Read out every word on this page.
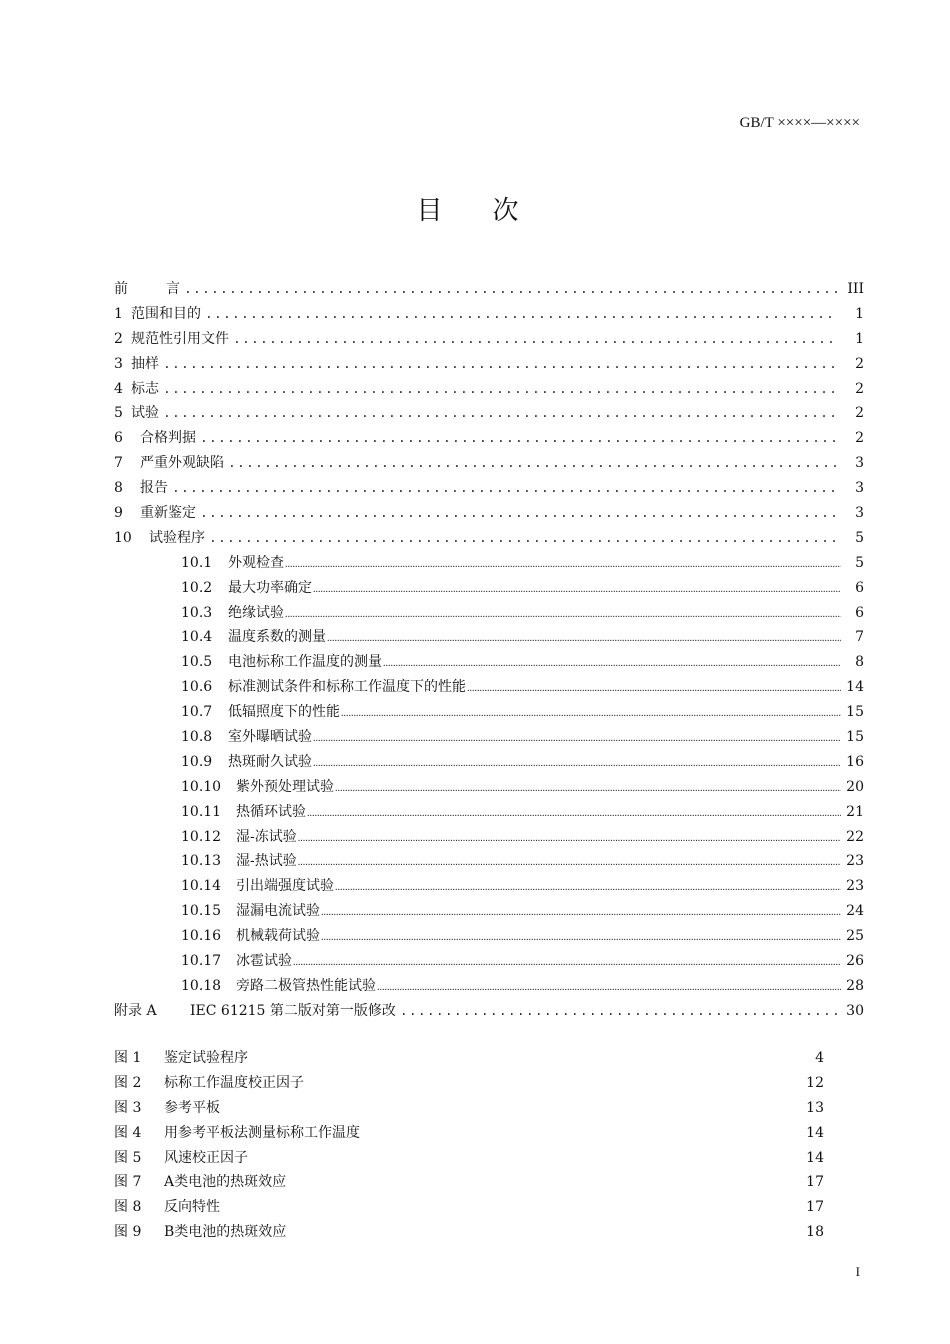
GB/T ××××—××××
目次
前	言 .....	III
1 范围和目的 .....	1
2 规范性引用文件 .....	1
3 抽样 .....	2
4 标志 .....	2
5 试验 .....	2
6	合格判据 .....	2
7	严重外观缺陷 .....	3
8	报告 .....	3
9	重新鉴定 .....	3
10	试验程序 .....	5
10.1	外观检查 .....	5
10.2	最大功率确定 .....	6
10.3	绝缘试验 .....	6
10.4	温度系数的测量 .....	7
10.5	电池标称工作温度的测量 .....	8
10.6	标准测试条件和标称工作温度下的性能 .....	14
10.7	低辐照度下的性能 .....	15
10.8	室外曝晒试验 .....	15
10.9	热斑耐久试验 .....	16
10.10	紫外预处理试验 .....	20
10.11	热循环试验 .....	21
10.12	湿-冻试验 .....	22
10.13	湿-热试验 .....	23
10.14	引出端强度试验 .....	23
10.15	湿漏电流试验 .....	24
10.16	机械载荷试验 .....	25
10.17	冰雹试验 .....	26
10.18	旁路二极管热性能试验 .....	28
附录 A	IEC 61215 第二版对第一版修改 .....	30
图 1	鉴定试验程序	4
图 2	标称工作温度校正因子	12
图 3	参考平板	13
图 4	用参考平板法测量标称工作温度	14
图 5	风速校正因子	14
图 7	A类电池的热斑效应	17
图 8	反向特性	17
图 9	B类电池的热斑效应	18
I
